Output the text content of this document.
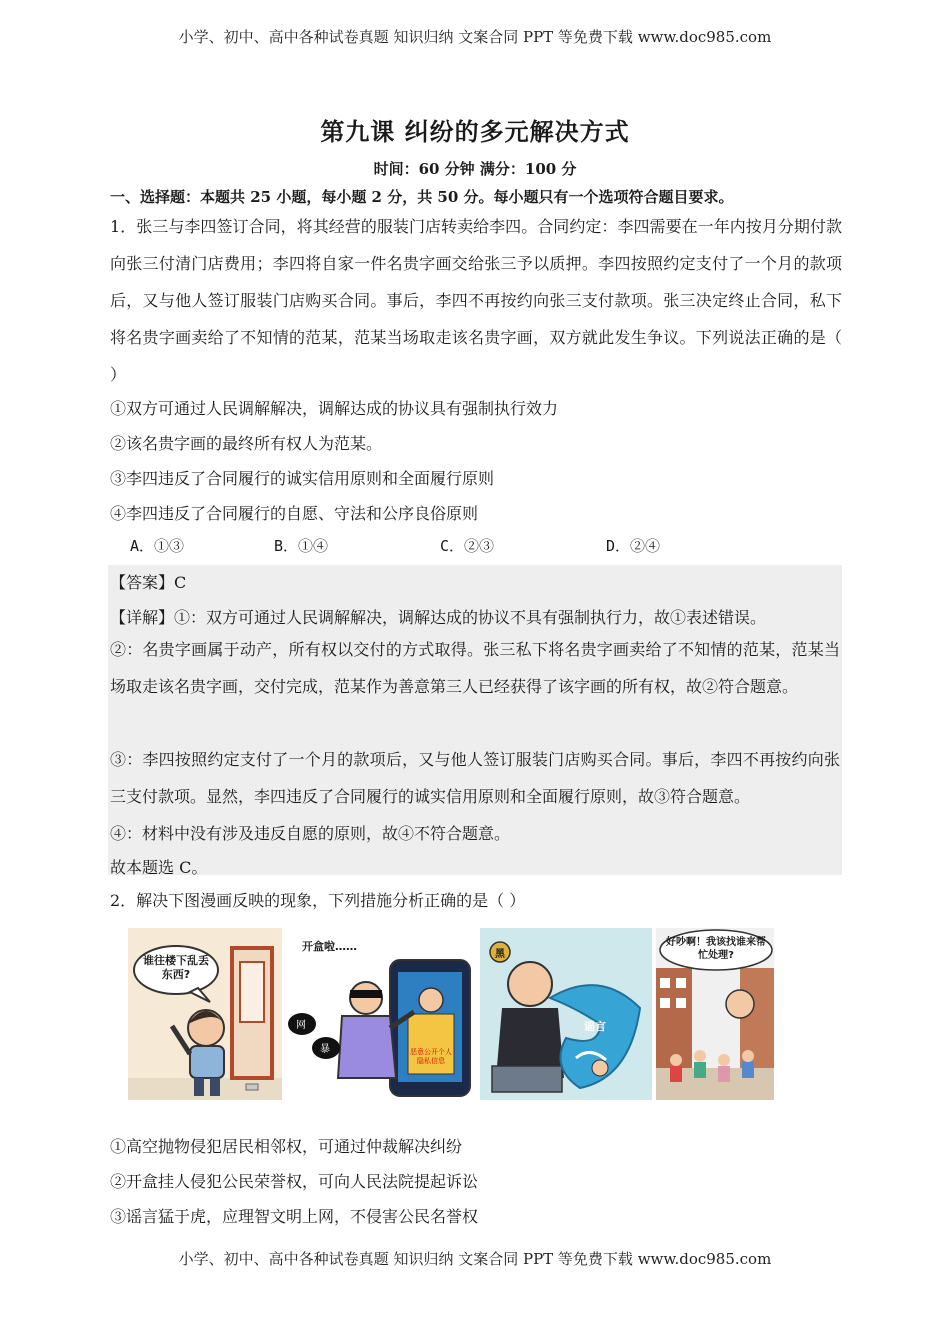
小学、初中、高中各种试卷真题 知识归纳 文案合同 PPT 等免费下载 www.doc985.com
第九课 纠纷的多元解决方式
时间：60 分钟 满分：100 分
一、选择题：本题共 25 小题，每小题 2 分，共 50 分。每小题只有一个选项符合题目要求。
1．张三与李四签订合同，将其经营的服装门店转卖给李四。合同约定：李四需要在一年内按月分期付款向张三付清门店费用；李四将自家一件名贵字画交给张三予以质押。李四按照约定支付了一个月的款项后，又与他人签订服装门店购买合同。事后，李四不再按约向张三支付款项。张三决定终止合同，私下将名贵字画卖给了不知情的范某，范某当场取走该名贵字画，双方就此发生争议。下列说法正确的是（ ）
①双方可通过人民调解解决，调解达成的协议具有强制执行效力
②该名贵字画的最终所有权人为范某。
③李四违反了合同履行的诚实信用原则和全面履行原则
④李四违反了合同履行的自愿、守法和公序良俗原则
A．①③	B．①④	C．②③	D．②④
【答案】C
【详解】①：双方可通过人民调解解决，调解达成的协议不具有强制执行力，故①表述错误。
②：名贵字画属于动产，所有权以交付的方式取得。张三私下将名贵字画卖给了不知情的范某，范某当场取走该名贵字画，交付完成，范某作为善意第三人已经获得了该字画的所有权，故②符合题意。
③：李四按照约定支付了一个月的款项后，又与他人签订服装门店购买合同。事后，李四不再按约向张三支付款项。显然，李四违反了合同履行的诚实信用原则和全面履行原则，故③符合题意。
④：材料中没有涉及违反自愿的原则，故④不符合题意。
故本题选 C。
2．解决下图漫画反映的现象，下列措施分析正确的是（ ）
谁往楼下乱丢东西?
开盒啦……
网
暴	恶意公开个人隐私信息
谣言
黑
好吵啊！我该找谁来帮忙处理?
①高空抛物侵犯居民相邻权，可通过仲裁解决纠纷
②开盒挂人侵犯公民荣誉权，可向人民法院提起诉讼
③谣言猛于虎，应理智文明上网，不侵害公民名誉权
小学、初中、高中各种试卷真题 知识归纳 文案合同 PPT 等免费下载 www.doc985.com
